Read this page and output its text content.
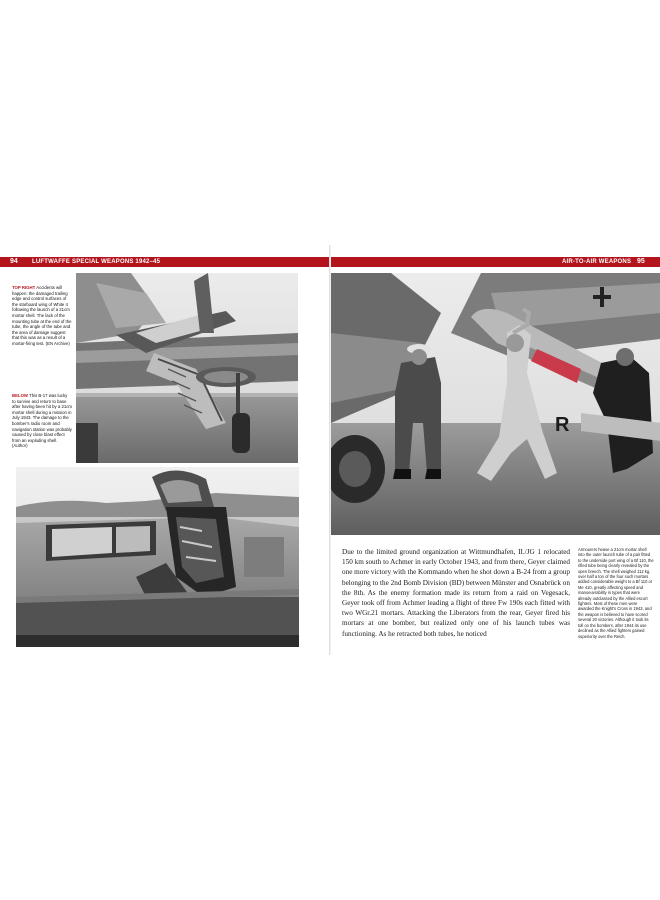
94 LUFTWAFFE SPECIAL WEAPONS 1942–45
TOP RIGHT Accidents will happen: the damaged trailing edge and control surfaces of the starboard wing of White 4 following the launch of a 21cm mortar shell. The lack of the mounting tube at the end of the tube, the angle of the tube and the area of damage suggest that this was as a result of a mortar-firing test. (EN Archive)
BELOW This B-17 was lucky to survive and return to base after having been hit by a 21cm mortar shell during a mission in July 1943. The damage to the bomber's radio room and navigation station was probably caused by close blast effect from an exploding shell. (Author)
AIR-TO-AIR WEAPONS 95
R
Due to the limited ground organization at Wittmundhafen, II./JG 1 relocated 150 km south to Achmer in early October 1943, and from there, Geyer claimed one more victory with the Kommando when he shot down a B-24 from a group belonging to the 2nd Bomb Division (BD) between Münster and Osnabrück on the 8th. As the enemy formation made its return from a raid on Vegesack, Geyer took off from Achmer leading a flight of three Fw 190s each fitted with two WGr.21 mortars. Attacking the Liberators from the rear, Geyer fired his mortars at one bomber, but realized only one of his launch tubes was functioning. As he retracted both tubes, he noticed
Armourers heave a 21cm mortar shell into the outer launch tube of a pair fitted to the underside port wing of a Bf 110, the rifled tube being clearly revealed by the open breech. The shell weighed 112 kg, over half a ton of the four such mortars added considerable weight to a Bf 110 or Me 410, greatly affecting speed and manoeuvrability in types that were already outclassed by the Allied escort fighters. Most of these men were awarded the Knight's Cross in 1943, and the weapon is believed to have scored several 20 victories. Although it took its toll on the bombers, after 1944 its use declined as the Allied fighters gained superiority over the Reich.
